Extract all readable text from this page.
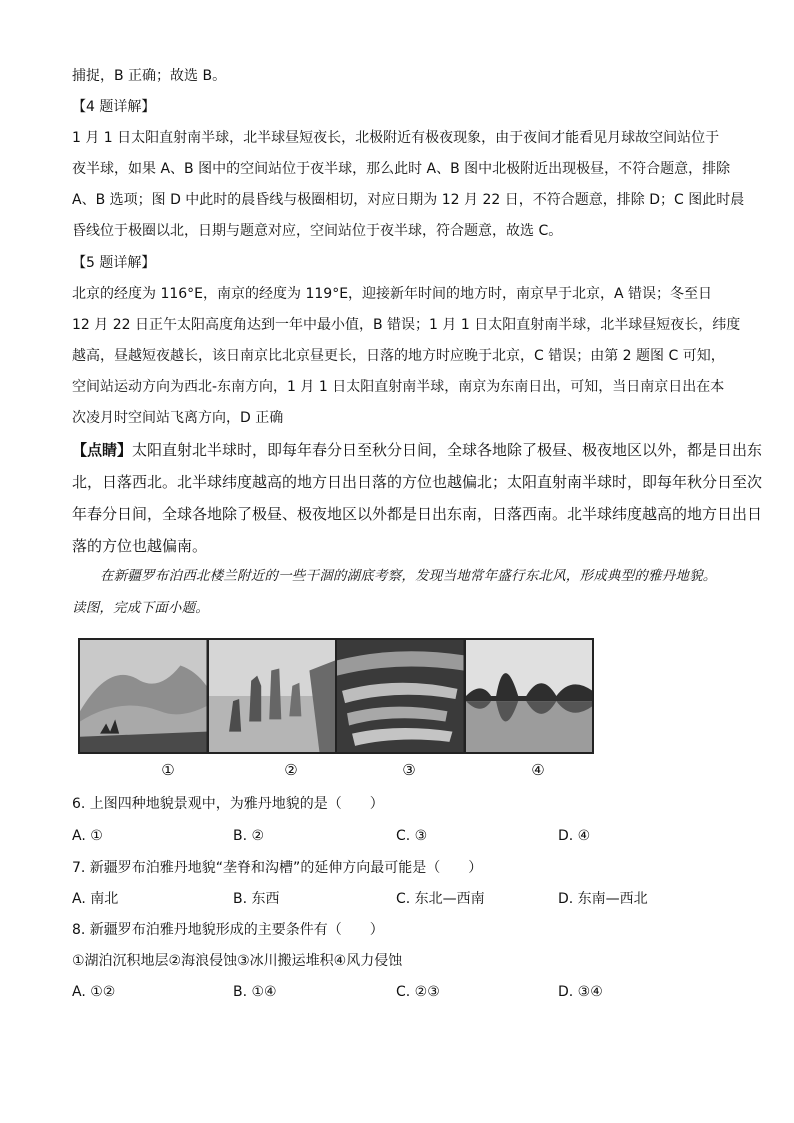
捕捉，B 正确；故选 B。
【4 题详解】
1 月 1 日太阳直射南半球，北半球昼短夜长，北极附近有极夜现象，由于夜间才能看见月球故空间站位于
夜半球，如果 A、B 图中的空间站位于夜半球，那么此时 A、B 图中北极附近出现极昼，不符合题意，排除
A、B 选项；图 D 中此时的晨昏线与极圈相切，对应日期为 12 月 22 日，不符合题意，排除 D；C 图此时晨
昏线位于极圈以北，日期与题意对应，空间站位于夜半球，符合题意，故选 C。
【5 题详解】
北京的经度为 116°E，南京的经度为 119°E，迎接新年时间的地方时，南京早于北京，A 错误；冬至日
12 月 22 日正午太阳高度角达到一年中最小值，B 错误；1 月 1 日太阳直射南半球，北半球昼短夜长，纬度
越高，昼越短夜越长，该日南京比北京昼更长，日落的地方时应晚于北京，C 错误；由第 2 题图 C 可知，
空间站运动方向为西北-东南方向，1 月 1 日太阳直射南半球，南京为东南日出，可知，当日南京日出在本
次凌月时空间站飞离方向，D 正确
【点睛】太阳直射北半球时，即每年春分日至秋分日间，全球各地除了极昼、极夜地区以外，都是日出东
北，日落西北。北半球纬度越高的地方日出日落的方位也越偏北；太阳直射南半球时，即每年秋分日至次
年春分日间，全球各地除了极昼、极夜地区以外都是日出东南，日落西南。北半球纬度越高的地方日出日
落的方位也越偏南。
在新疆罗布泊西北楼兰附近的一些干涸的湖底考察，发现当地常年盛行东北风，形成典型的雅丹地貌。
读图，完成下面小题。
①	②	③	④
6. 上图四种地貌景观中，为雅丹地貌的是（　　）
A. ①	B. ②	C. ③	D. ④
7. 新疆罗布泊雅丹地貌“垄脊和沟槽”的延伸方向最可能是（　　）
A. 南北	B. 东西	C. 东北—西南	D. 东南—西北
8. 新疆罗布泊雅丹地貌形成的主要条件有（　　）
①湖泊沉积地层②海浪侵蚀③冰川搬运堆积④风力侵蚀
A. ①②	B. ①④	C. ②③	D. ③④
